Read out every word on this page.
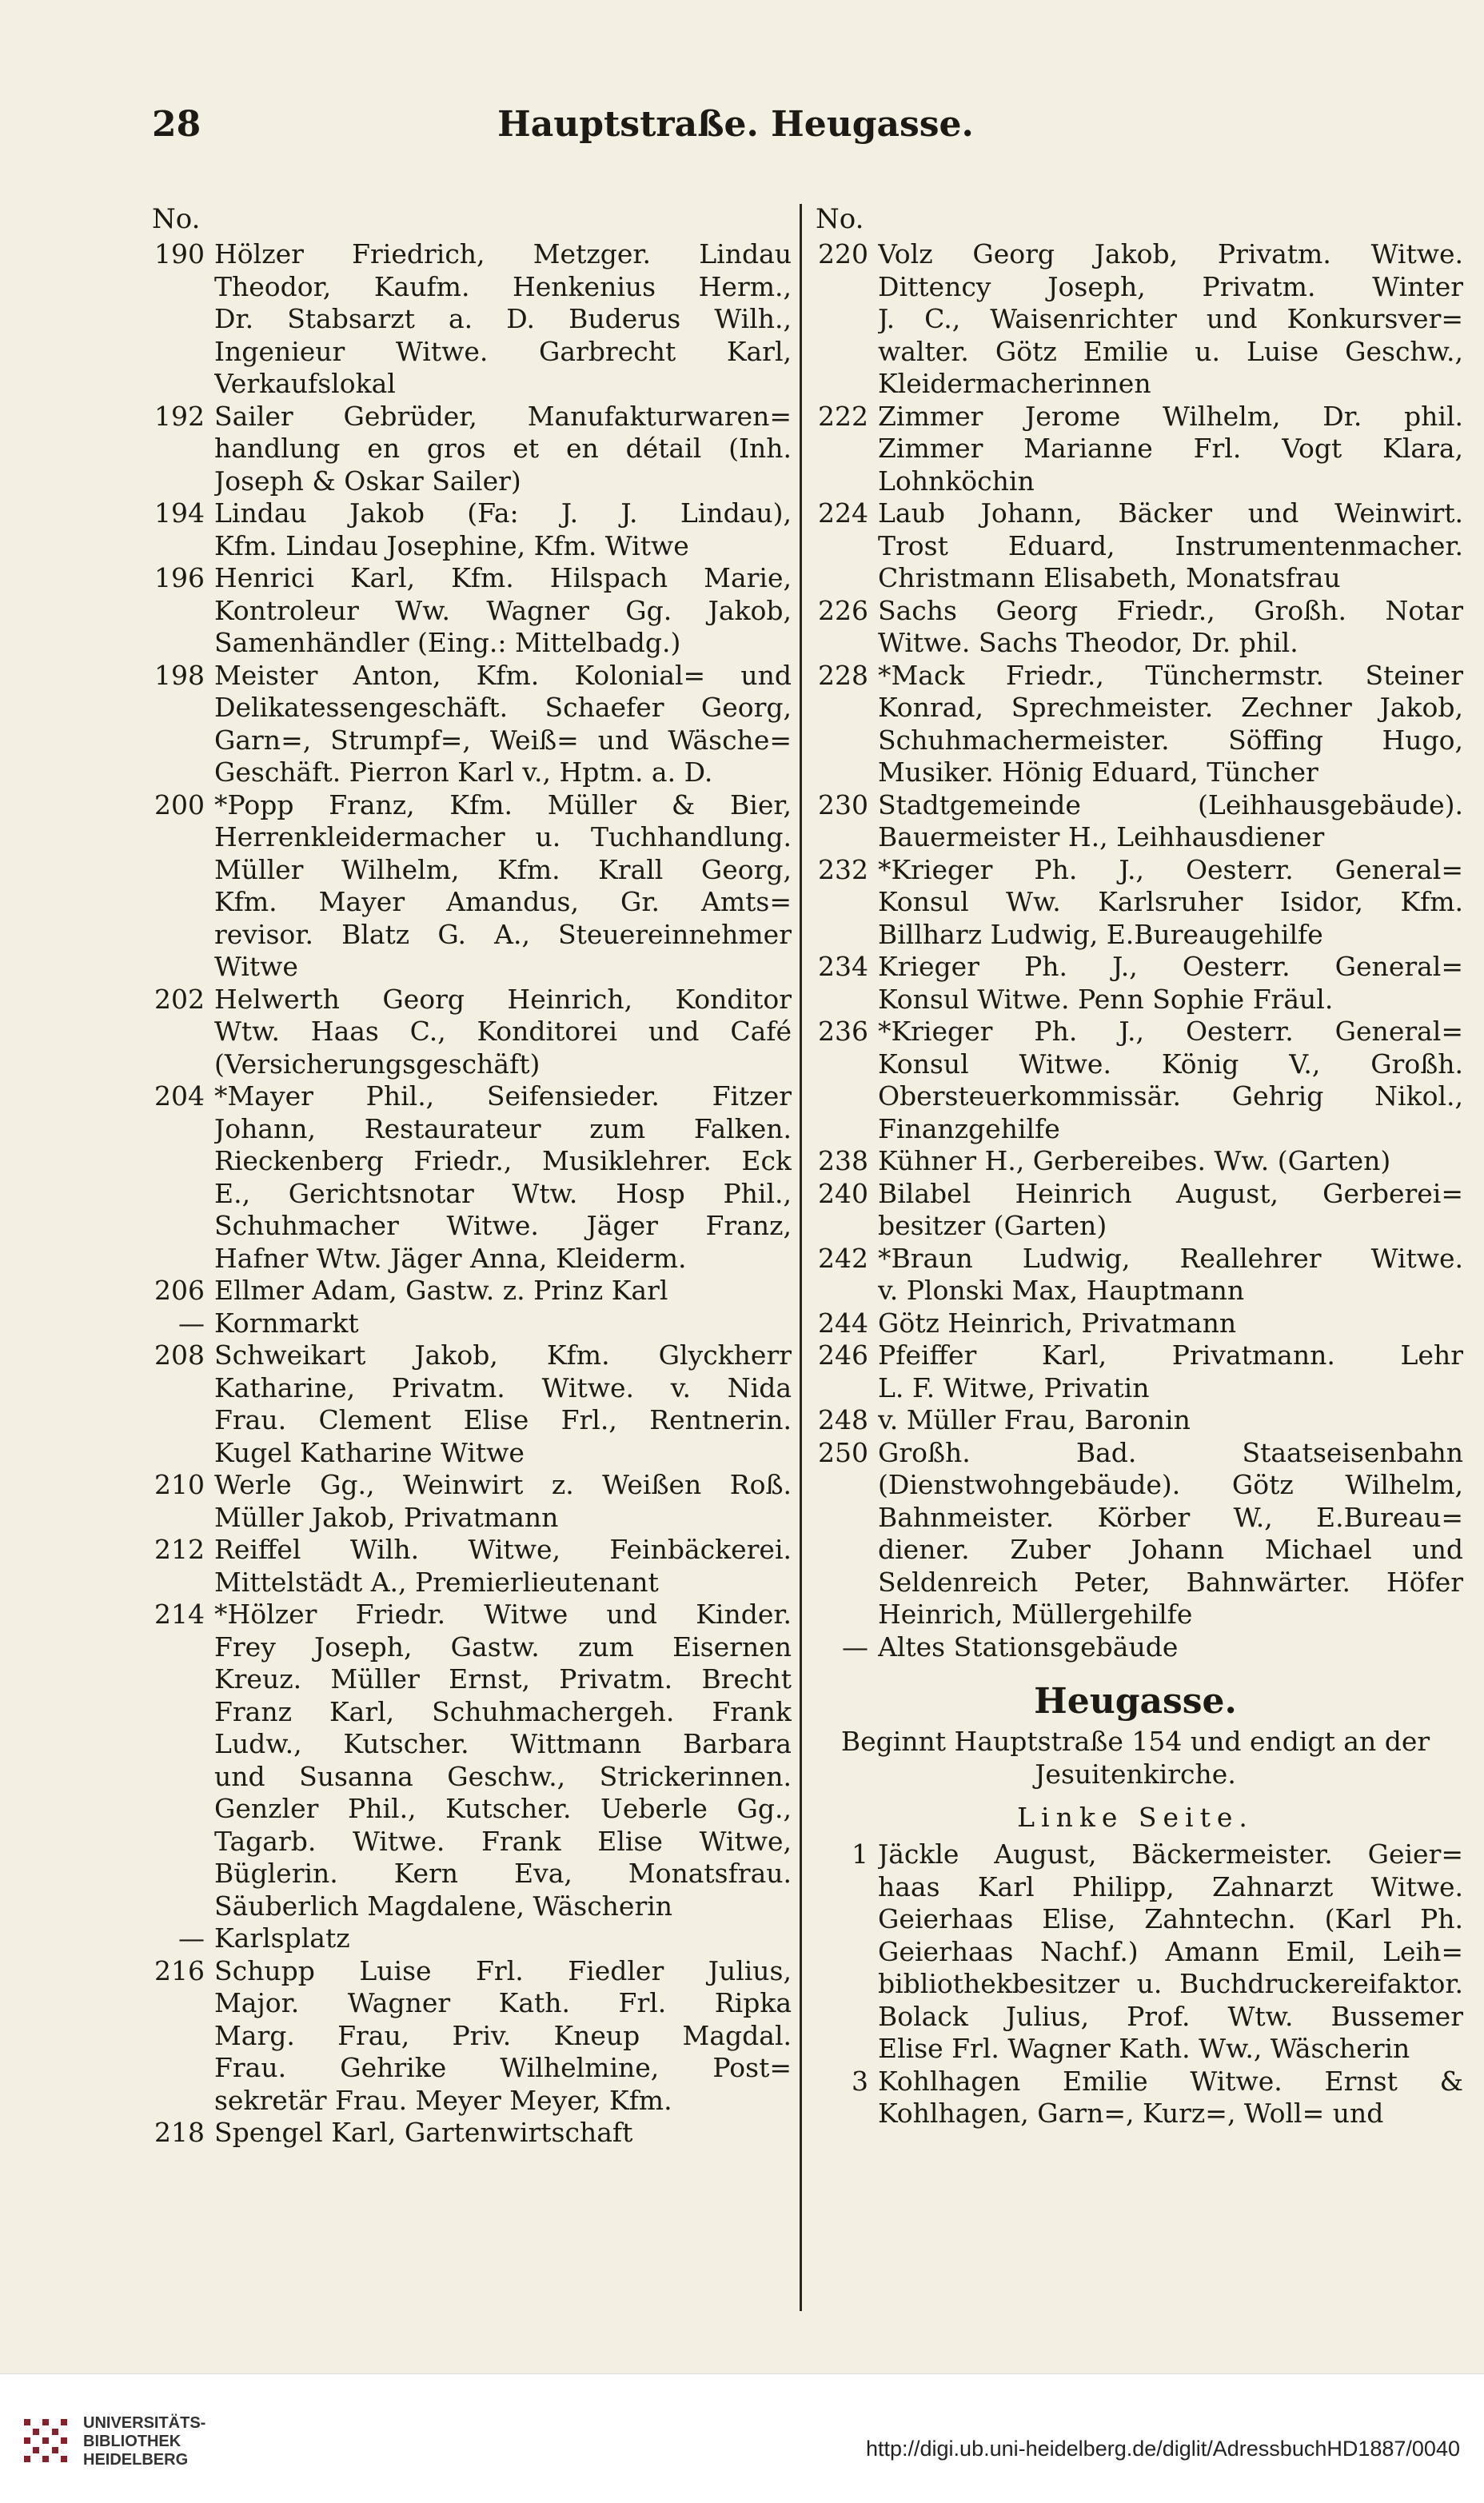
28	Hauptstraße. Heugasse.
No.
190 Hölzer Friedrich, Metzger. Lindau
Theodor, Kaufm. Henkenius Herm.,
Dr. Stabsarzt a. D. Buderus Wilh.,
Ingenieur Witwe. Garbrecht Karl,
Verkaufslokal
192 Sailer Gebrüder, Manufakturwaren=
handlung en gros et en détail (Inh.
Joseph & Oskar Sailer)
194 Lindau Jakob (Fa: J. J. Lindau),
Kfm. Lindau Josephine, Kfm. Witwe
196 Henrici Karl, Kfm. Hilspach Marie,
Kontroleur Ww. Wagner Gg. Jakob,
Samenhändler (Eing.: Mittelbadg.)
198 Meister Anton, Kfm. Kolonial= und
Delikatessengeschäft. Schaefer Georg,
Garn=, Strumpf=, Weiß= und Wäsche=
Geschäft. Pierron Karl v., Hptm. a. D.
200 *Popp Franz, Kfm. Müller & Bier,
Herrenkleidermacher u. Tuchhandlung.
Müller Wilhelm, Kfm. Krall Georg,
Kfm. Mayer Amandus, Gr. Amts=
revisor. Blatz G. A., Steuereinnehmer
Witwe
202 Helwerth Georg Heinrich, Konditor
Wtw. Haas C., Konditorei und Café
(Versicherungsgeschäft)
204 *Mayer Phil., Seifensieder. Fitzer
Johann, Restaurateur zum Falken.
Rieckenberg Friedr., Musiklehrer. Eck
E., Gerichtsnotar Wtw. Hosp Phil.,
Schuhmacher Witwe. Jäger Franz,
Hafner Wtw. Jäger Anna, Kleiderm.
206 Ellmer Adam, Gastw. z. Prinz Karl
— Kornmarkt
208 Schweikart Jakob, Kfm. Glyckherr
Katharine, Privatm. Witwe. v. Nida
Frau. Clement Elise Frl., Rentnerin.
Kugel Katharine Witwe
210 Werle Gg., Weinwirt z. Weißen Roß.
Müller Jakob, Privatmann
212 Reiffel Wilh. Witwe, Feinbäckerei.
Mittelstädt A., Premierlieutenant
214 *Hölzer Friedr. Witwe und Kinder.
Frey Joseph, Gastw. zum Eisernen
Kreuz. Müller Ernst, Privatm. Brecht
Franz Karl, Schuhmachergeh. Frank
Ludw., Kutscher. Wittmann Barbara
und Susanna Geschw., Strickerinnen.
Genzler Phil., Kutscher. Ueberle Gg.,
Tagarb. Witwe. Frank Elise Witwe,
Büglerin. Kern Eva, Monatsfrau.
Säuberlich Magdalene, Wäscherin
— Karlsplatz
216 Schupp Luise Frl. Fiedler Julius,
Major. Wagner Kath. Frl. Ripka
Marg. Frau, Priv. Kneup Magdal.
Frau. Gehrike Wilhelmine, Post=
sekretär Frau. Meyer Meyer, Kfm.
218 Spengel Karl, Gartenwirtschaft
No.
220 Volz Georg Jakob, Privatm. Witwe.
Dittency Joseph, Privatm. Winter
J. C., Waisenrichter und Konkursver=
walter. Götz Emilie u. Luise Geschw.,
Kleidermacherinnen
222 Zimmer Jerome Wilhelm, Dr. phil.
Zimmer Marianne Frl. Vogt Klara,
Lohnköchin
224 Laub Johann, Bäcker und Weinwirt.
Trost Eduard, Instrumentenmacher.
Christmann Elisabeth, Monatsfrau
226 Sachs Georg Friedr., Großh. Notar
Witwe. Sachs Theodor, Dr. phil.
228 *Mack Friedr., Tünchermstr. Steiner
Konrad, Sprechmeister. Zechner Jakob,
Schuhmachermeister. Söffing Hugo,
Musiker. Hönig Eduard, Tüncher
230 Stadtgemeinde (Leihhausgebäude).
Bauermeister H., Leihhausdiener
232 *Krieger Ph. J., Oesterr. General=
Konsul Ww. Karlsruher Isidor, Kfm.
Billharz Ludwig, E.Bureaugehilfe
234 Krieger Ph. J., Oesterr. General=
Konsul Witwe. Penn Sophie Fräul.
236 *Krieger Ph. J., Oesterr. General=
Konsul Witwe. König V., Großh.
Obersteuerkommissär. Gehrig Nikol.,
Finanzgehilfe
238 Kühner H., Gerbereibes. Ww. (Garten)
240 Bilabel Heinrich August, Gerberei=
besitzer (Garten)
242 *Braun Ludwig, Reallehrer Witwe.
v. Plonski Max, Hauptmann
244 Götz Heinrich, Privatmann
246 Pfeiffer Karl, Privatmann. Lehr
L. F. Witwe, Privatin
248 v. Müller Frau, Baronin
250 Großh. Bad. Staatseisenbahn
(Dienstwohngebäude). Götz Wilhelm,
Bahnmeister. Körber W., E.Bureau=
diener. Zuber Johann Michael und
Seldenreich Peter, Bahnwärter. Höfer
Heinrich, Müllergehilfe
— Altes Stationsgebäude
Heugasse.
Beginnt Hauptstraße 154 und endigt an der
Jesuitenkirche.
Linke Seite.
1 Jäckle August, Bäckermeister. Geier=
haas Karl Philipp, Zahnarzt Witwe.
Geierhaas Elise, Zahntechn. (Karl Ph.
Geierhaas Nachf.) Amann Emil, Leih=
bibliothekbesitzer u. Buchdruckereifaktor.
Bolack Julius, Prof. Wtw. Bussemer
Elise Frl. Wagner Kath. Ww., Wäscherin
3 Kohlhagen Emilie Witwe. Ernst &
Kohlhagen, Garn=, Kurz=, Woll= und
UNIVERSITÄTS-
BIBLIOTHEK
HEIDELBERG	http://digi.ub.uni-heidelberg.de/diglit/AdressbuchHD1887/0040
